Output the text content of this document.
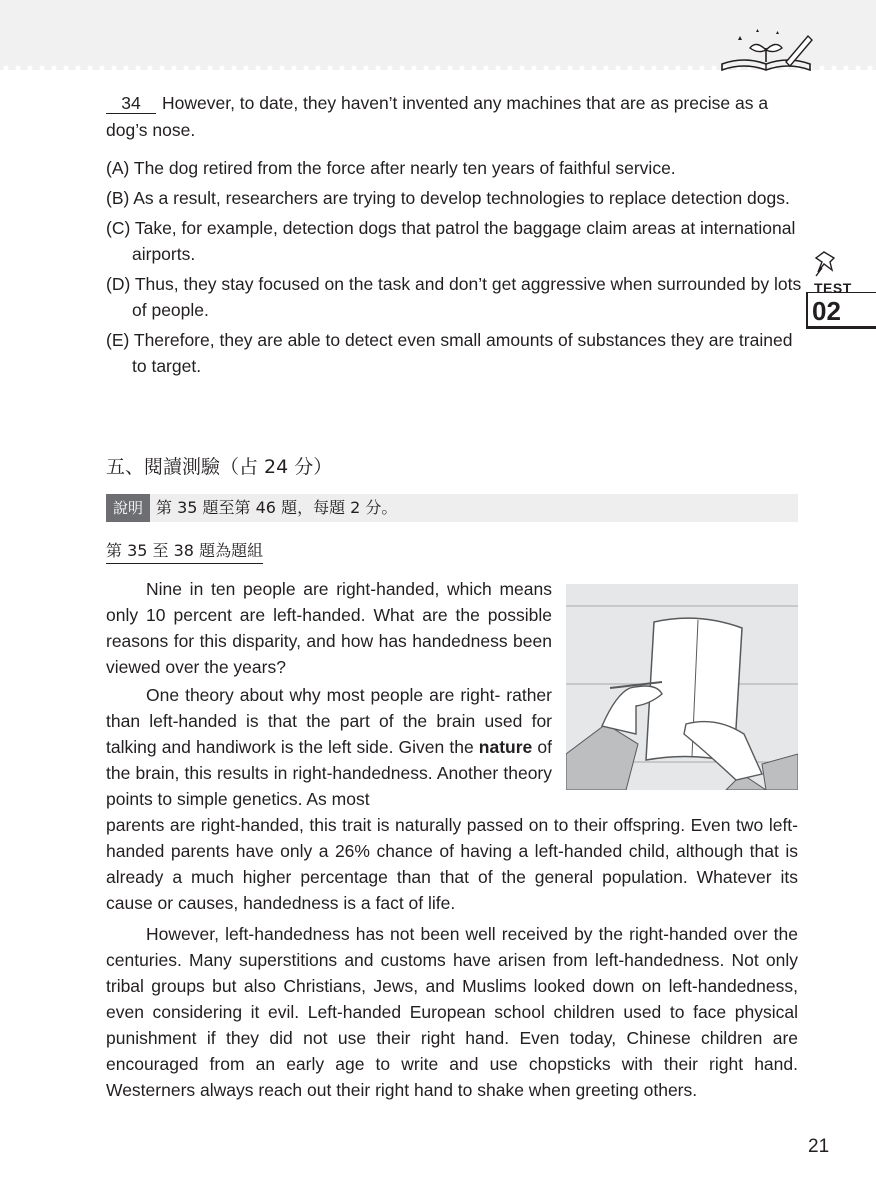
34 However, to date, they haven’t invented any machines that are as precise as a dog’s nose.
(A) The dog retired from the force after nearly ten years of faithful service.
(B) As a result, researchers are trying to develop technologies to replace detection dogs.
(C) Take, for example, detection dogs that patrol the baggage claim areas at international airports.
(D) Thus, they stay focused on the task and don’t get aggressive when surrounded by lots of people.
(E) Therefore, they are able to detect even small amounts of substances they are trained to target.
TEST
02
五、閱讀測驗（占 24 分）
說明 第 35 題至第 46 題，每題 2 分。
第 35 至 38 題為題組
Nine in ten people are right-handed, which means only 10 percent are left-handed. What are the possible reasons for this disparity, and how has handedness been viewed over the years?
One theory about why most people are right- rather than left-handed is that the part of the brain used for talking and handiwork is the left side. Given the nature of the brain, this results in right-handedness. Another theory points to simple genetics. As most
parents are right-handed, this trait is naturally passed on to their offspring. Even two left-handed parents have only a 26% chance of having a left-handed child, although that is already a much higher percentage than that of the general population. Whatever its cause or causes, handedness is a fact of life.
However, left-handedness has not been well received by the right-handed over the centuries. Many superstitions and customs have arisen from left-handedness. Not only tribal groups but also Christians, Jews, and Muslims looked down on left-handedness, even considering it evil. Left-handed European school children used to face physical punishment if they did not use their right hand. Even today, Chinese children are encouraged from an early age to write and use chopsticks with their right hand. Westerners always reach out their right hand to shake when greeting others.
21
